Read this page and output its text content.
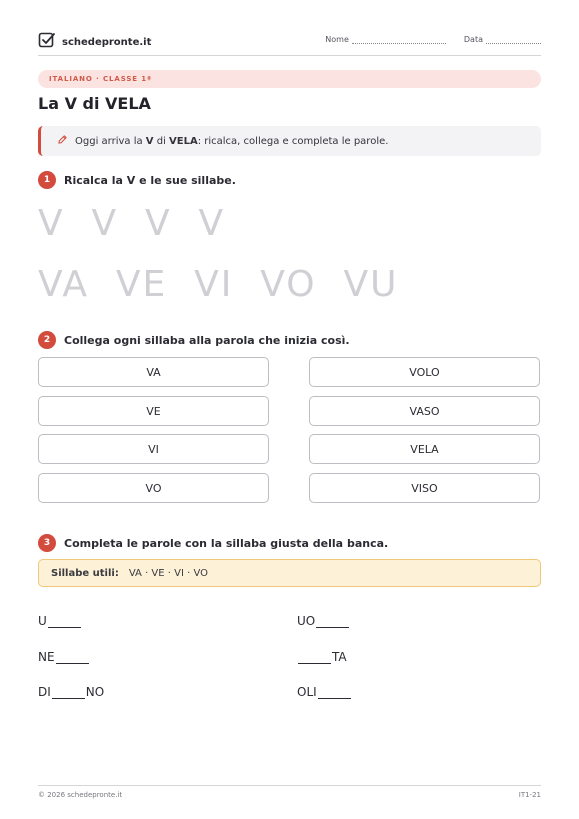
schedepronte.it	Nome	Data
ITALIANO · CLASSE 1ª
La V di VELA
Oggi arriva la V di VELA: ricalca, collega e completa le parole.
1	Ricalca la V e le sue sillabe.
V  V  V  V
VA  VE  VI  VO  VU
2	Collega ogni sillaba alla parola che inizia così.
VA
VE
VI
VO
VOLO
VASO
VELA
VISO
3	Completa le parole con la sillaba giusta della banca.
Sillabe utili: VA · VE · VI · VO
U	UO
NE	TA
DI	NO	OLI
© 2026 schedepronte.it	IT1-21
